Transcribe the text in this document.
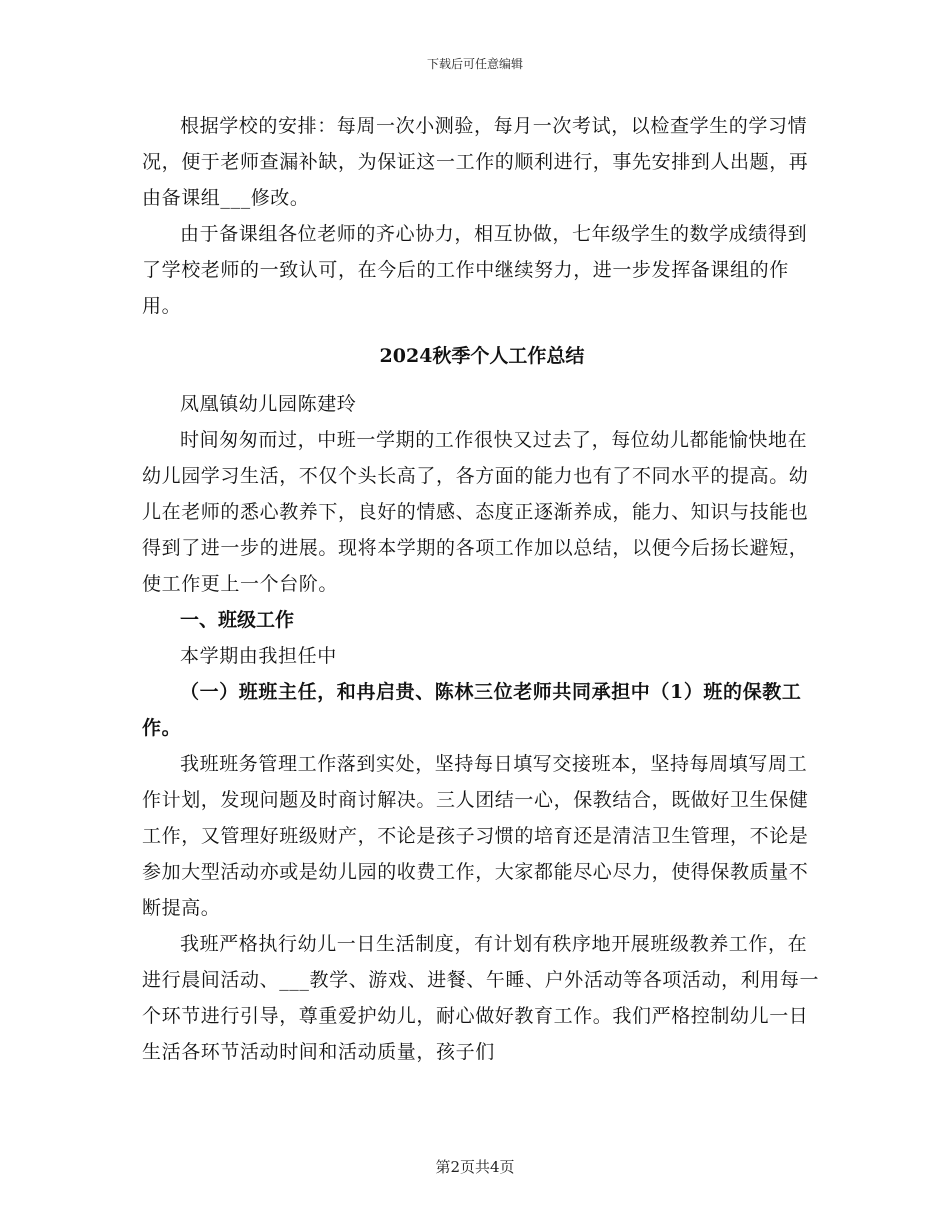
下载后可任意编辑

根据学校的安排：每周一次小测验，每月一次考试，以检查学生的学习情况，便于老师查漏补缺，为保证这一工作的顺利进行，事先安排到人出题，再由备课组___修改。

由于备课组各位老师的齐心协力，相互协做，七年级学生的数学成绩得到了学校老师的一致认可，在今后的工作中继续努力，进一步发挥备课组的作用。

2024秋季个人工作总结

凤凰镇幼儿园陈建玲

时间匆匆而过，中班一学期的工作很快又过去了，每位幼儿都能愉快地在幼儿园学习生活，不仅个头长高了，各方面的能力也有了不同水平的提高。幼儿在老师的悉心教养下，良好的情感、态度正逐渐养成，能力、知识与技能也得到了进一步的进展。现将本学期的各项工作加以总结，以便今后扬长避短，使工作更上一个台阶。

一、班级工作

本学期由我担任中

（一）班班主任，和冉启贵、陈林三位老师共同承担中（1）班的保教工作。

我班班务管理工作落到实处，坚持每日填写交接班本，坚持每周填写周工作计划，发现问题及时商讨解决。三人团结一心，保教结合，既做好卫生保健工作，又管理好班级财产，不论是孩子习惯的培育还是清洁卫生管理，不论是参加大型活动亦或是幼儿园的收费工作，大家都能尽心尽力，使得保教质量不断提高。

我班严格执行幼儿一日生活制度，有计划有秩序地开展班级教养工作，在进行晨间活动、___教学、游戏、进餐、午睡、户外活动等各项活动，利用每一个环节进行引导，尊重爱护幼儿，耐心做好教育工作。我们严格控制幼儿一日生活各环节活动时间和活动质量，孩子们

第2页共4页
